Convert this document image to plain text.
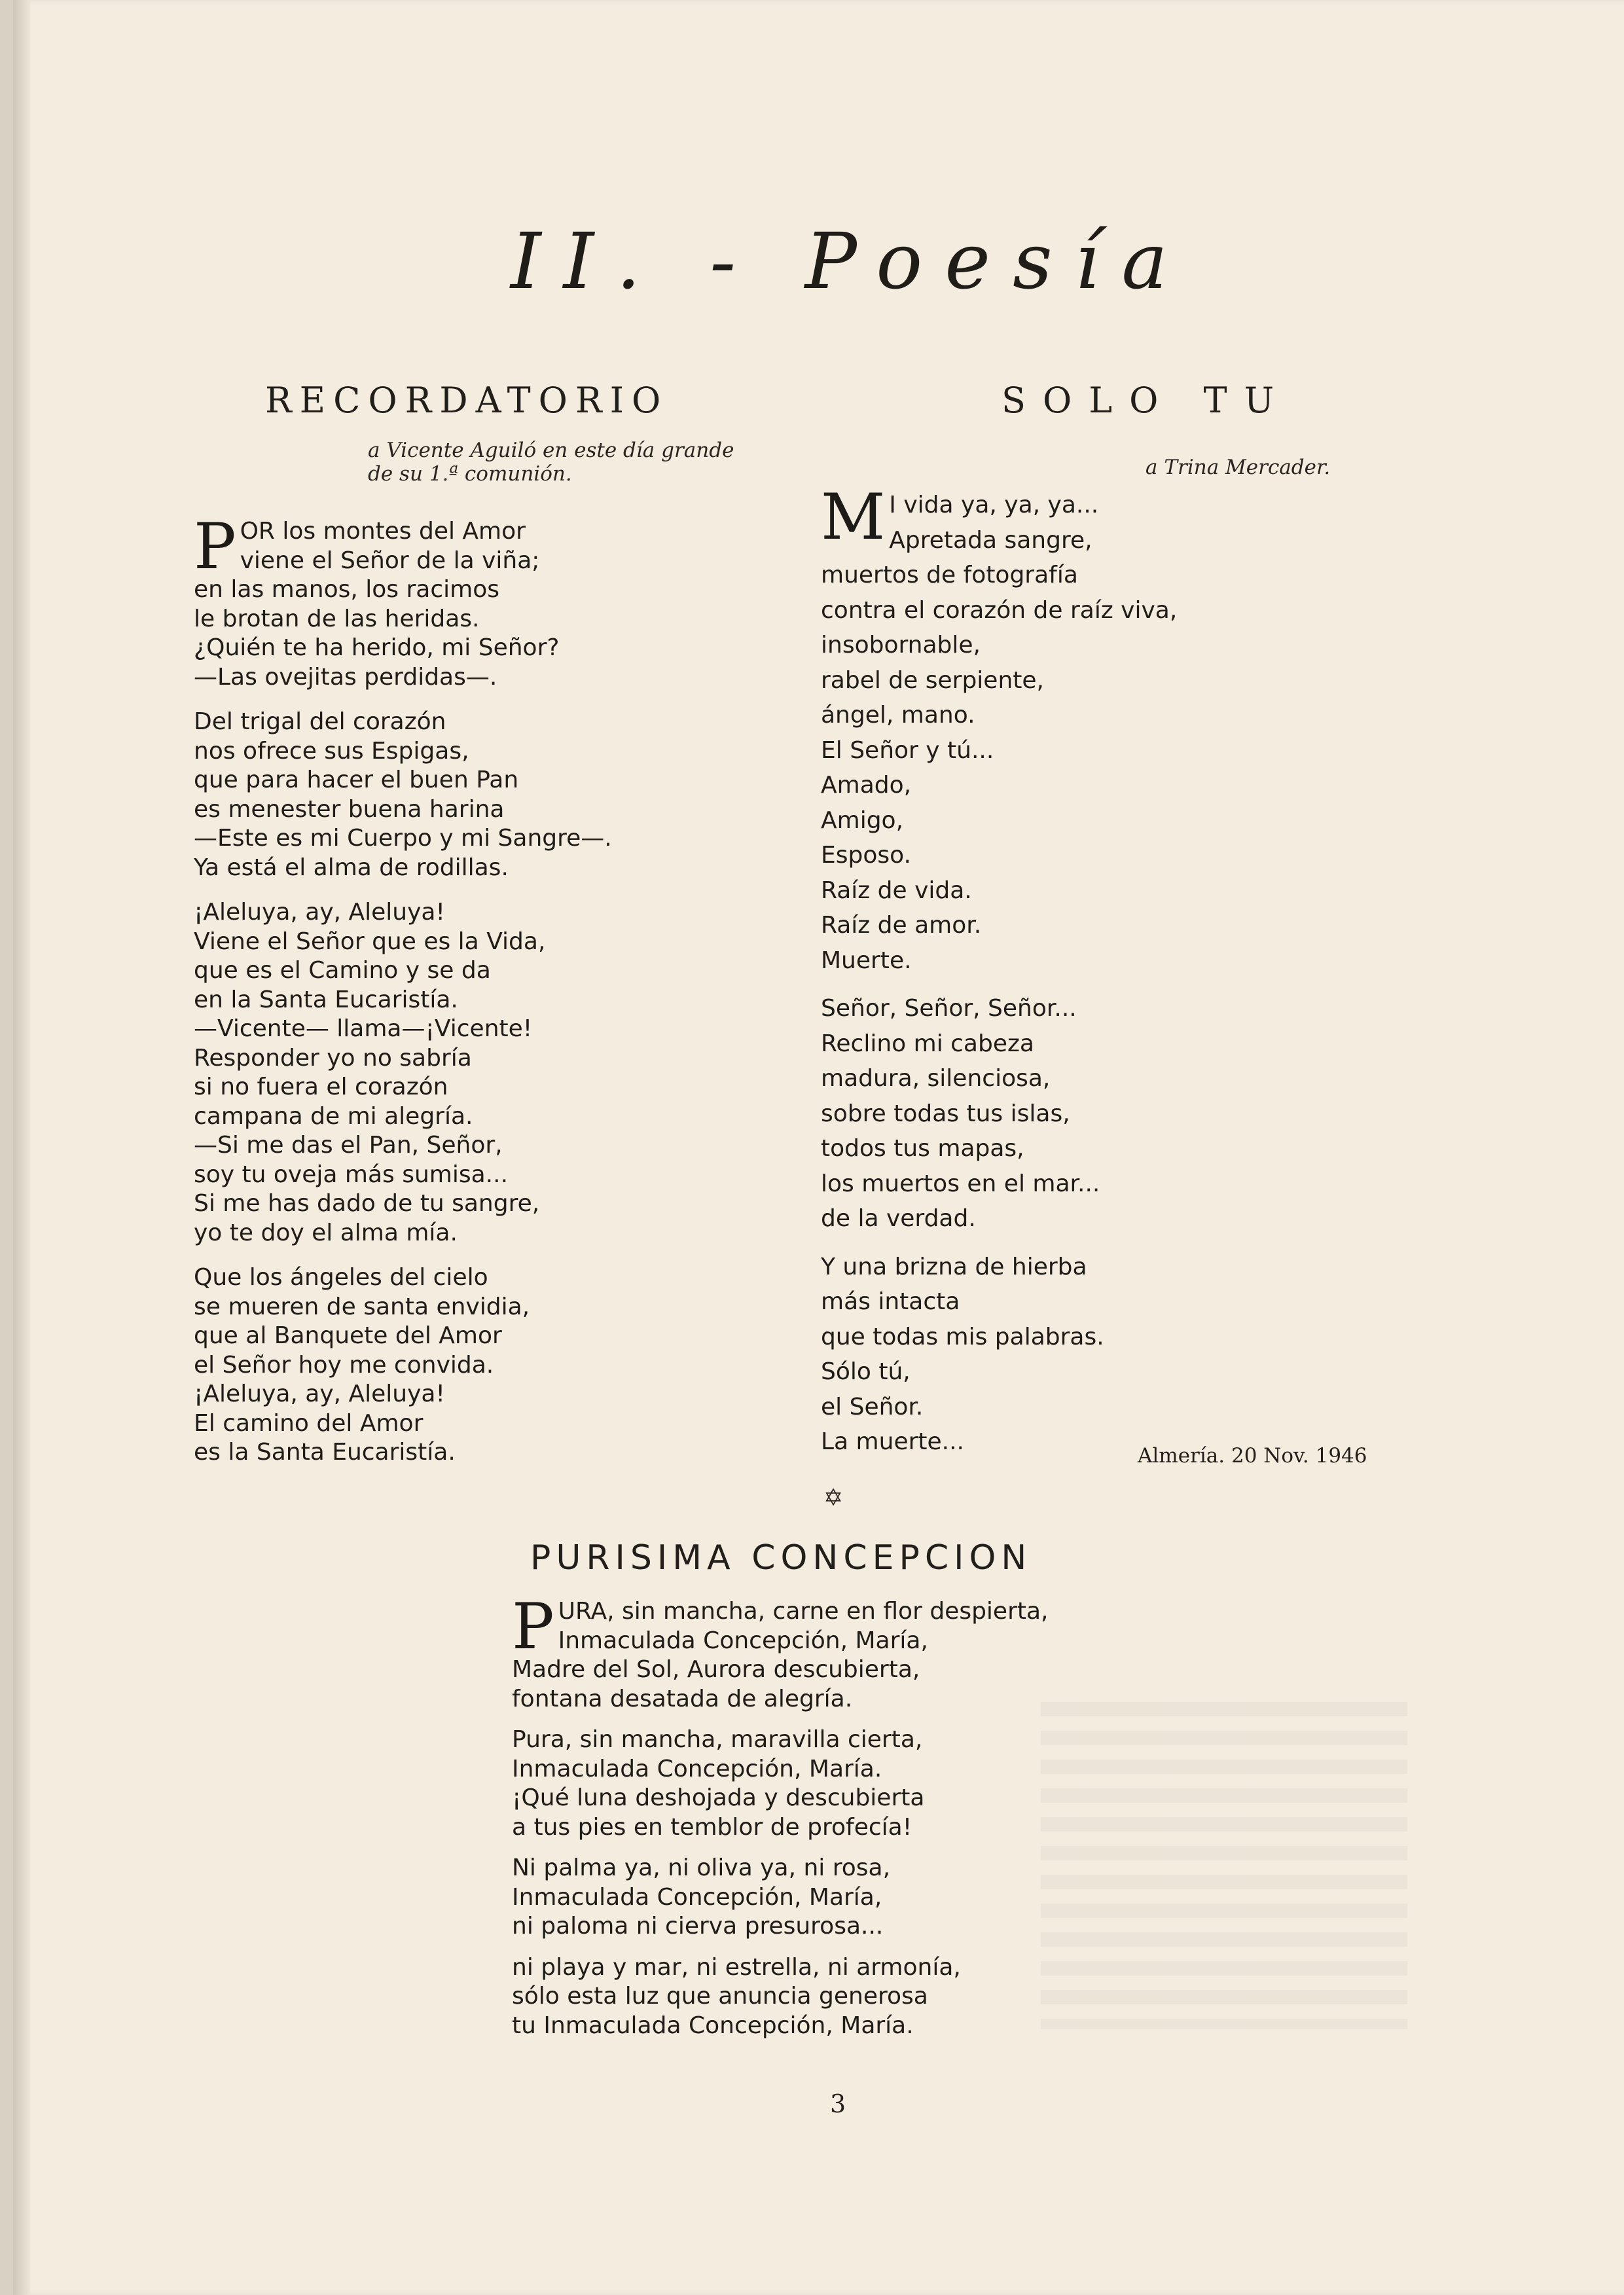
II. - Poesía
RECORDATORIO
a Vicente Aguiló en este día grande
de su 1.ª comunión.
P OR los montes del Amor
viene el Señor de la viña;
en las manos, los racimos
le brotan de las heridas.
¿Quién te ha herido, mi Señor?
—Las ovejitas perdidas—.
Del trigal del corazón
nos ofrece sus Espigas,
que para hacer el buen Pan
es menester buena harina
—Este es mi Cuerpo y mi Sangre—.
Ya está el alma de rodillas.
¡Aleluya, ay, Aleluya!
Viene el Señor que es la Vida,
que es el Camino y se da
en la Santa Eucaristía.
—Vicente— llama—¡Vicente!
Responder yo no sabría
si no fuera el corazón
campana de mi alegría.
—Si me das el Pan, Señor,
soy tu oveja más sumisa...
Si me has dado de tu sangre,
yo te doy el alma mía.
Que los ángeles del cielo
se mueren de santa envidia,
que al Banquete del Amor
el Señor hoy me convida.
¡Aleluya, ay, Aleluya!
El camino del Amor
es la Santa Eucaristía.
SOLO TU
a Trina Mercader.
M I vida ya, ya, ya...
Apretada sangre,
muertos de fotografía
contra el corazón de raíz viva,
insobornable,
rabel de serpiente,
ángel, mano.
El Señor y tú...
Amado,
Amigo,
Esposo.
Raíz de vida.
Raíz de amor.
Muerte.
Señor, Señor, Señor...
Reclino mi cabeza
madura, silenciosa,
sobre todas tus islas,
todos tus mapas,
los muertos en el mar...
de la verdad.
Y una brizna de hierba
más intacta
que todas mis palabras.
Sólo tú,
el Señor.
La muerte...
Almería. 20 Nov. 1946
✡
PURISIMA CONCEPCION
P URA, sin mancha, carne en flor despierta,
Inmaculada Concepción, María,
Madre del Sol, Aurora descubierta,
fontana desatada de alegría.
Pura, sin mancha, maravilla cierta,
Inmaculada Concepción, María.
¡Qué luna deshojada y descubierta
a tus pies en temblor de profecía!
Ni palma ya, ni oliva ya, ni rosa,
Inmaculada Concepción, María,
ni paloma ni cierva presurosa...
ni playa y mar, ni estrella, ni armonía,
sólo esta luz que anuncia generosa
tu Inmaculada Concepción, María.
3
